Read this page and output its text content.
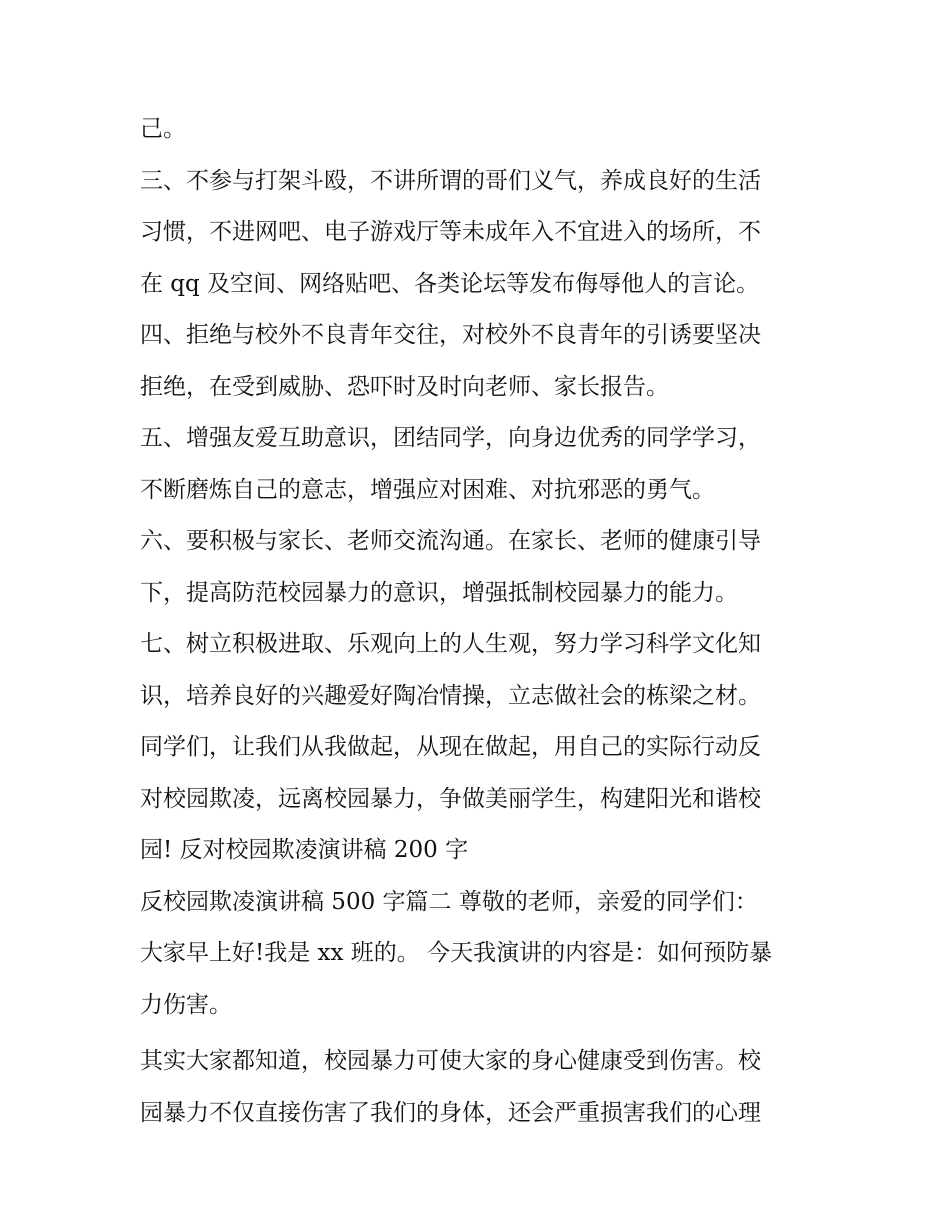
己。
三、不参与打架斗殴，不讲所谓的哥们义气，养成良好的生活
习惯，不进网吧、电子游戏厅等未成年入不宜进入的场所，不
在 qq 及空间、网络贴吧、各类论坛等发布侮辱他人的言论。
四、拒绝与校外不良青年交往，对校外不良青年的引诱要坚决
拒绝，在受到威胁、恐吓时及时向老师、家长报告。
五、增强友爱互助意识，团结同学，向身边优秀的同学学习，
不断磨炼自己的意志，增强应对困难、对抗邪恶的勇气。
六、要积极与家长、老师交流沟通。在家长、老师的健康引导
下，提高防范校园暴力的意识，增强抵制校园暴力的能力。
七、树立积极进取、乐观向上的人生观，努力学习科学文化知
识，培养良好的兴趣爱好陶冶情操，立志做社会的栋梁之材。
同学们，让我们从我做起，从现在做起，用自己的实际行动反
对校园欺凌，远离校园暴力，争做美丽学生，构建阳光和谐校
园! 反对校园欺凌演讲稿 200 字
反校园欺凌演讲稿 500 字篇二 尊敬的老师，亲爱的同学们：
大家早上好!我是 xx 班的。 今天我演讲的内容是：如何预防暴
力伤害。
其实大家都知道，校园暴力可使大家的身心健康受到伤害。校
园暴力不仅直接伤害了我们的身体，还会严重损害我们的心理
